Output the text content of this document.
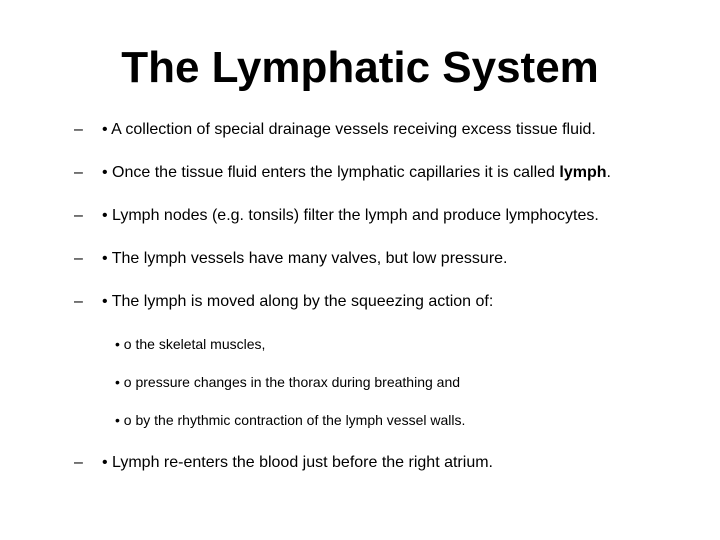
The Lymphatic System
–	• A collection of special drainage vessels receiving excess tissue fluid.
–	• Once the tissue fluid enters the lymphatic capillaries it is called lymph.
–	• Lymph nodes (e.g. tonsils) filter the lymph and produce lymphocytes.
–	• The lymph vessels have many valves, but low pressure.
–	• The lymph is moved along by the squeezing action of:
• o the skeletal muscles,
• o pressure changes in the thorax during breathing and
• o by the rhythmic contraction of the lymph vessel walls.
–	• Lymph re-enters the blood just before the right atrium.
